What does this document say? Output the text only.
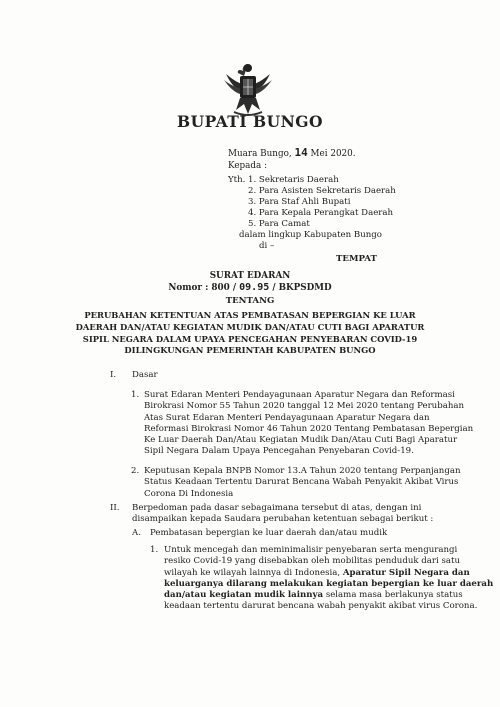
BUPATI BUNGO
Muara Bungo, 14 Mei 2020.
Kepada :
Yth. 1. Sekretaris Daerah
2. Para Asisten Sekretaris Daerah
3. Para Staf Ahli Bupati
4. Para Kepala Perangkat Daerah
5. Para Camat
dalam lingkup Kabupaten Bungo
di –
TEMPAT
SURAT EDARAN
Nomor : 800 / 09.95 / BKPSDMD
TENTANG
PERUBAHAN KETENTUAN ATAS PEMBATASAN BEPERGIAN KE LUAR
DAERAH DAN/ATAU KEGIATAN MUDIK DAN/ATAU CUTI BAGI APARATUR
SIPIL NEGARA DALAM UPAYA PENCEGAHAN PENYEBARAN COVID-19
DILINGKUNGAN PEMERINTAH KABUPATEN BUNGO
I. Dasar
1. Surat Edaran Menteri Pendayagunaan Aparatur Negara dan Reformasi
Birokrasi Nomor 55 Tahun 2020 tanggal 12 Mei 2020 tentang Perubahan
Atas Surat Edaran Menteri Pendayagunaan Aparatur Negara dan
Reformasi Birokrasi Nomor 46 Tahun 2020 Tentang Pembatasan Bepergian
Ke Luar Daerah Dan/Atau Kegiatan Mudik Dan/Atau Cuti Bagi Aparatur
Sipil Negara Dalam Upaya Pencegahan Penyebaran Covid-19.
2. Keputusan Kepala BNPB Nomor 13.A Tahun 2020 tentang Perpanjangan
Status Keadaan Tertentu Darurat Bencana Wabah Penyakit Akibat Virus
Corona Di Indonesia
II. Berpedoman pada dasar sebagaimana tersebut di atas, dengan ini
disampaikan kepada Saudara perubahan ketentuan sebagai berikut :
A. Pembatasan bepergian ke luar daerah dan/atau mudik
1. Untuk mencegah dan meminimalisir penyebaran serta mengurangi
resiko Covid-19 yang disebabkan oleh mobilitas penduduk dari satu
wilayah ke wilayah lainnya di Indonesia, Aparatur Sipil Negara dan
keluarganya dilarang melakukan kegiatan bepergian ke luar daerah
dan/atau kegiatan mudik lainnya selama masa berlakunya status
keadaan tertentu darurat bencana wabah penyakit akibat virus Corona.
